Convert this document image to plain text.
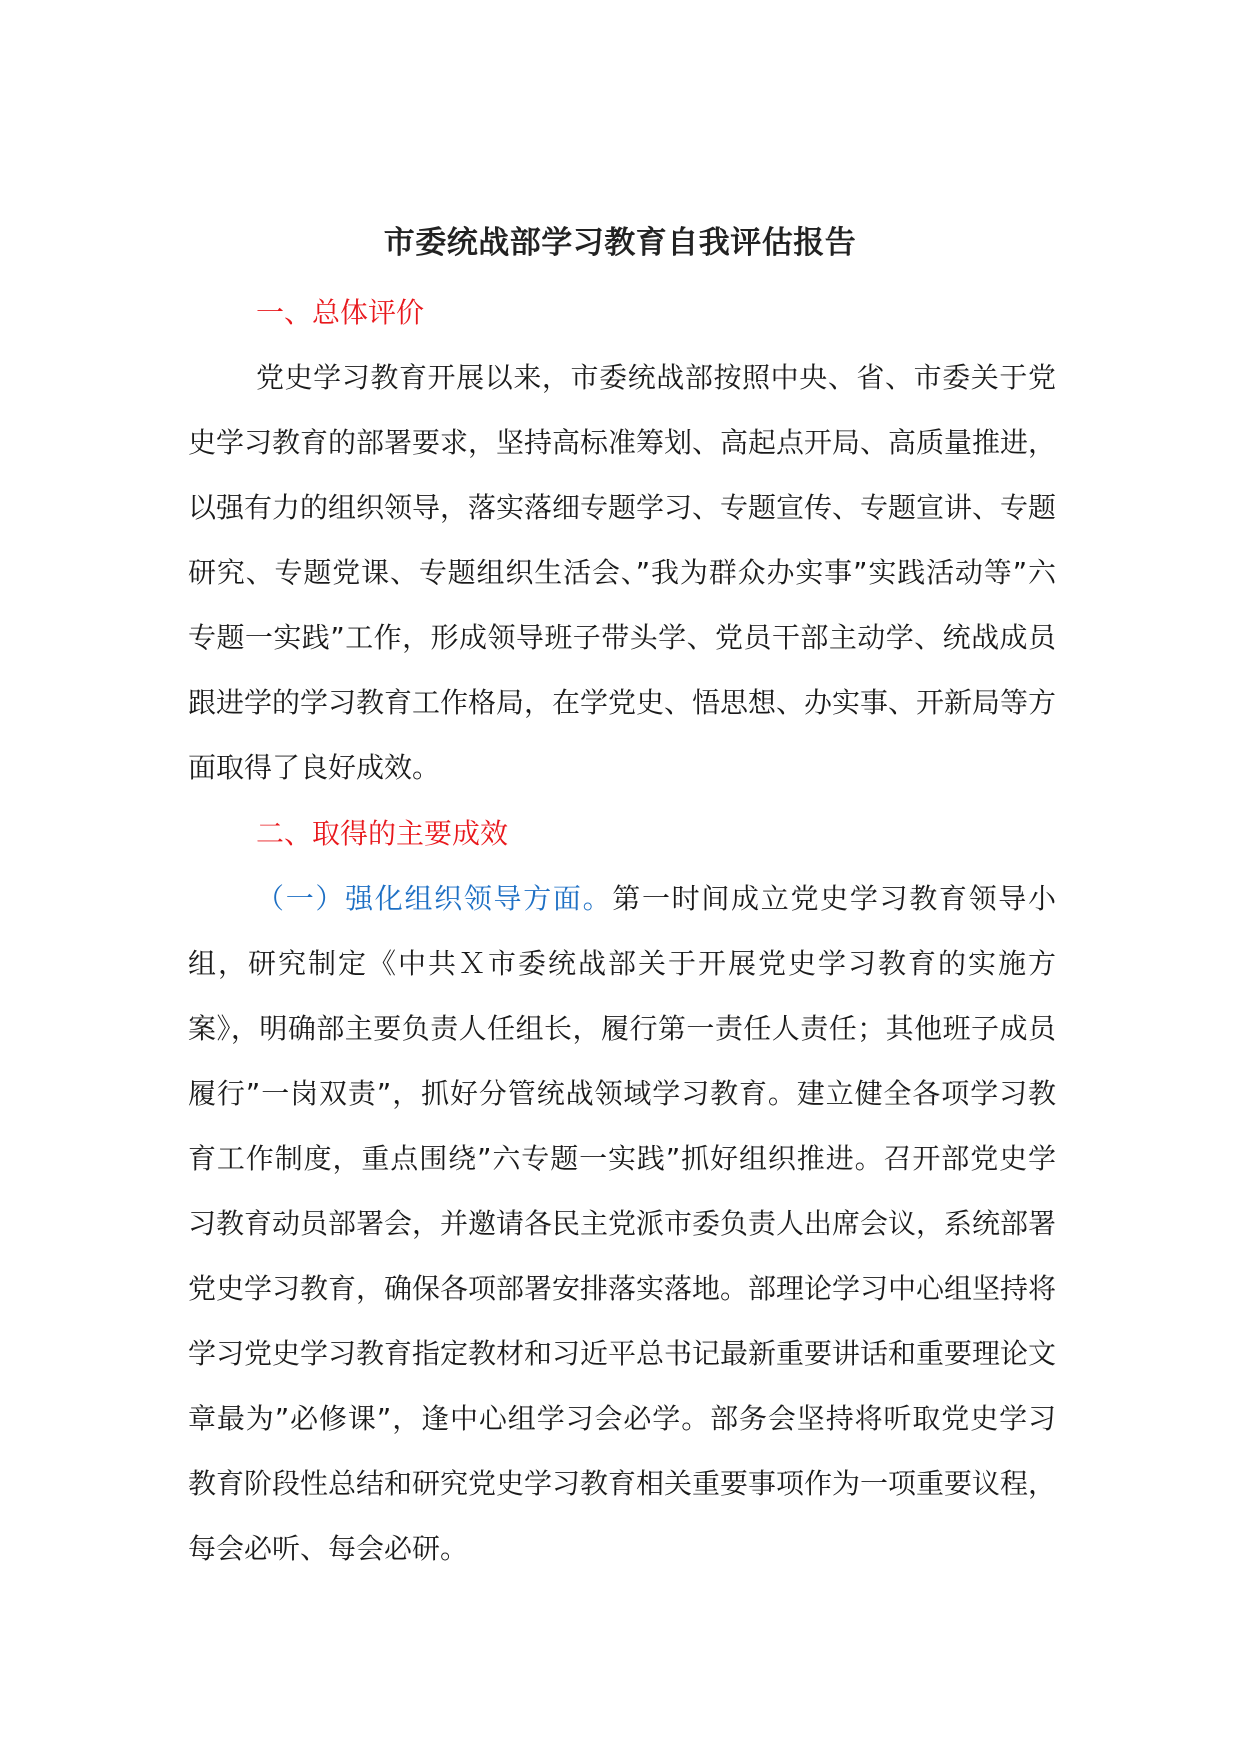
市委统战部学习教育自我评估报告

一、总体评价

党史学习教育开展以来，市委统战部按照中央、省、市委关于党史学习教育的部署要求，坚持高标准筹划、高起点开局、高质量推进，以强有力的组织领导，落实落细专题学习、专题宣传、专题宣讲、专题研究、专题党课、专题组织生活会、”我为群众办实事”实践活动等”六专题一实践”工作，形成领导班子带头学、党员干部主动学、统战成员跟进学的学习教育工作格局，在学党史、悟思想、办实事、开新局等方面取得了良好成效。

二、取得的主要成效

（一）强化组织领导方面。第一时间成立党史学习教育领导小组，研究制定《中共Ｘ市委统战部关于开展党史学习教育的实施方案》，明确部主要负责人任组长，履行第一责任人责任；其他班子成员履行”一岗双责”，抓好分管统战领域学习教育。建立健全各项学习教育工作制度，重点围绕”六专题一实践”抓好组织推进。召开部党史学习教育动员部署会，并邀请各民主党派市委负责人出席会议，系统部署党史学习教育，确保各项部署安排落实落地。部理论学习中心组坚持将学习党史学习教育指定教材和习近平总书记最新重要讲话和重要理论文章最为”必修课”，逢中心组学习会必学。部务会坚持将听取党史学习教育阶段性总结和研究党史学习教育相关重要事项作为一项重要议程，每会必听、每会必研。
